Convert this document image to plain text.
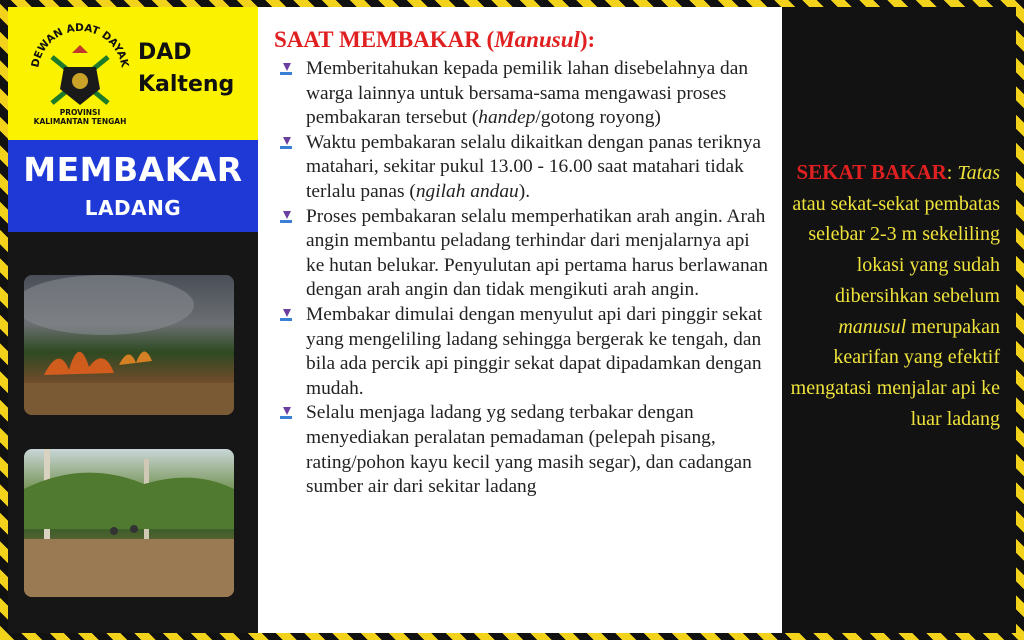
DEWAN ADAT DAYAK
PROVINSI
KALIMANTAN TENGAH
DAD
Kalteng
MEMBAKAR
LADANG
SAAT MEMBAKAR (Manusul):
Memberitahukan kepada pemilik lahan disebelahnya dan warga lainnya untuk bersama-sama mengawasi proses pembakaran tersebut (handep/gotong royong)
Waktu pembakaran selalu dikaitkan dengan panas teriknya matahari, sekitar pukul 13.00 - 16.00 saat matahari tidak terlalu panas (ngilah andau).
Proses pembakaran selalu memperhatikan arah angin. Arah angin membantu peladang terhindar dari menjalarnya api ke hutan belukar. Penyulutan api pertama harus berlawanan dengan arah angin dan tidak mengikuti arah angin.
Membakar dimulai dengan menyulut api dari pinggir sekat yang mengeliling ladang sehingga bergerak ke tengah, dan bila ada percik api pinggir sekat dapat dipadamkan dengan mudah.
Selalu menjaga ladang yg sedang terbakar dengan menyediakan peralatan pemadaman (pelepah pisang, rating/pohon kayu kecil yang masih segar), dan cadangan sumber air dari sekitar ladang
SEKAT BAKAR: Tatas atau sekat-sekat pembatas selebar 2-3 m sekeliling lokasi yang sudah dibersihkan sebelum manusul merupakan kearifan yang efektif mengatasi menjalar api ke luar ladang
